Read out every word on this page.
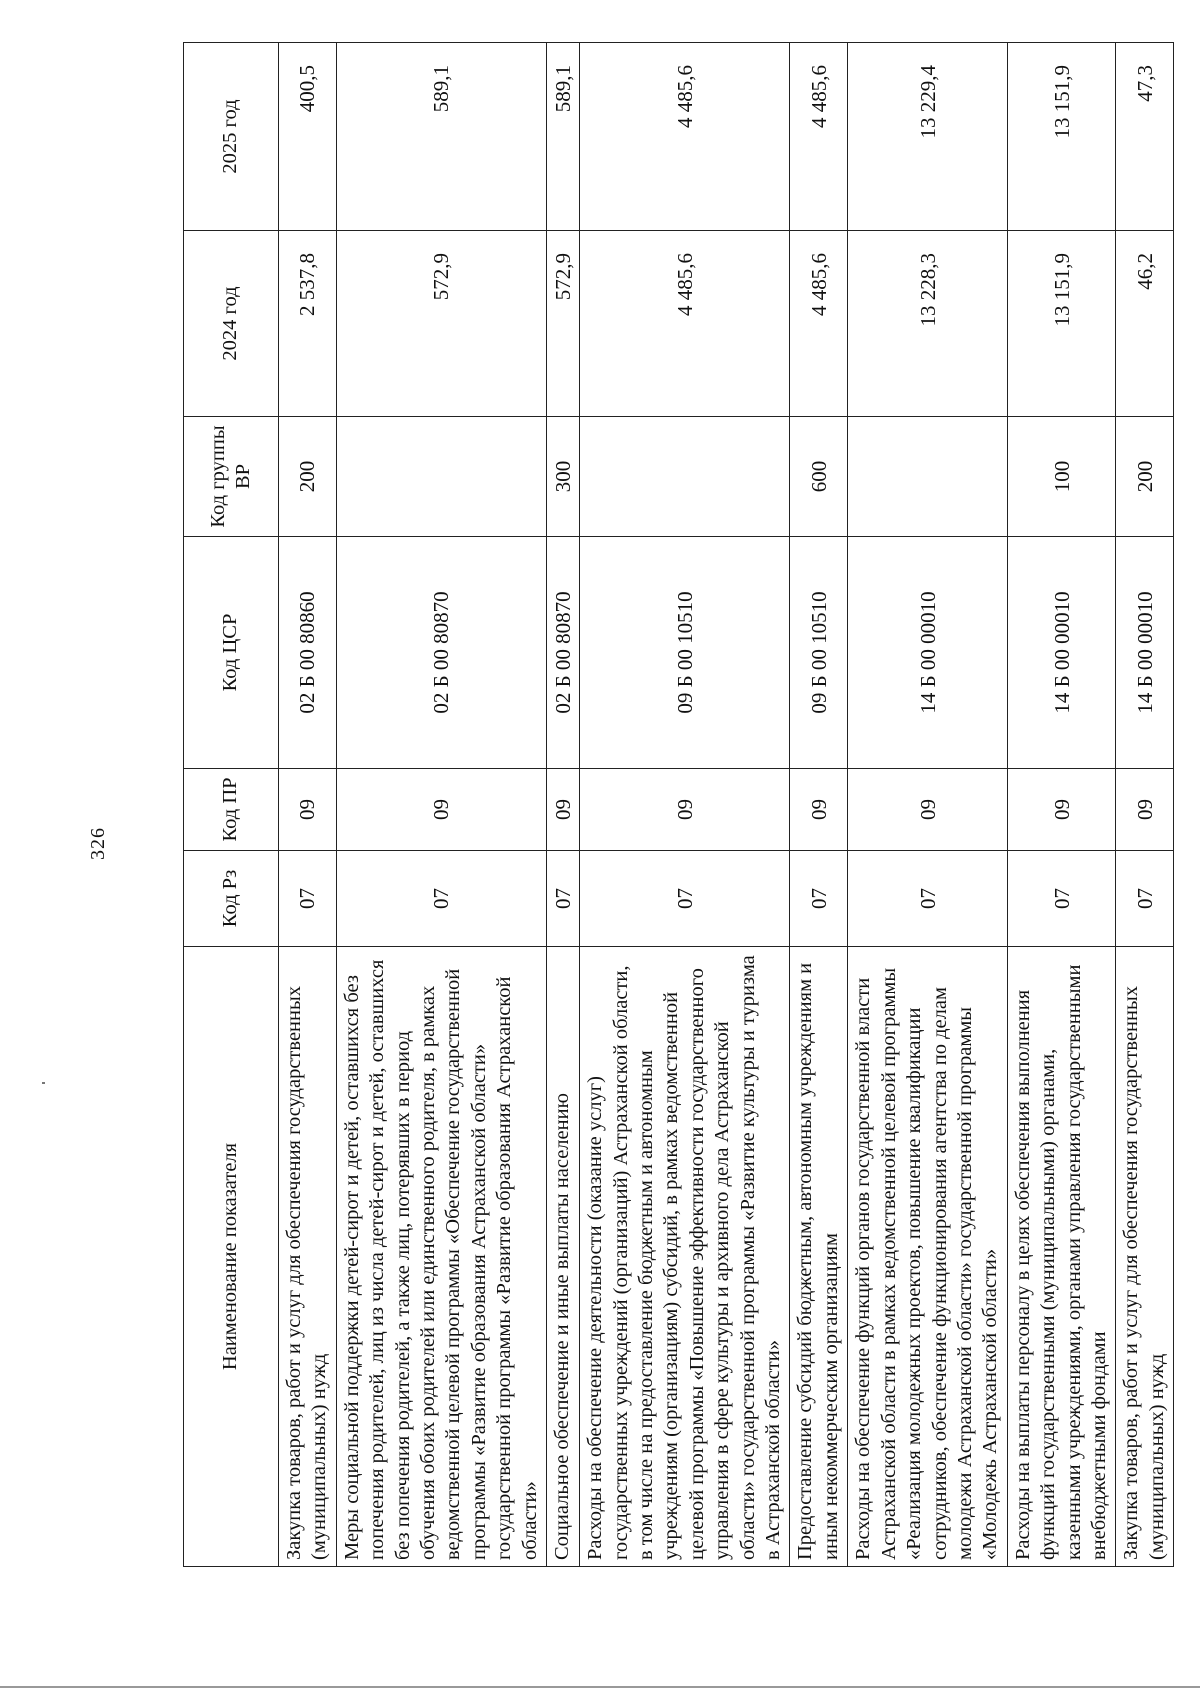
326
Наименование показателя	Код Рз	Код ПР	Код ЦСР	Код группы ВР	2024 год	2025 год
Закупка товаров, работ и услуг для обеспечения государственных (муниципальных) нужд	07	09	02 Б 00 80860	200	2 537,8	400,5
Меры социальной поддержки детей-сирот и детей, оставшихся без попечения родителей, лиц из числа детей-сирот и детей, оставшихся без попечения родителей, а также лиц, потерявших в период обучения обоих родителей или единственного родителя, в рамках ведомственной целевой программы «Обеспечение государственной программы «Развитие образования Астраханской области» государственной программы «Развитие образования Астраханской области»	07	09	02 Б 00 80870		572,9	589,1
Социальное обеспечение и иные выплаты населению	07	09	02 Б 00 80870	300	572,9	589,1
Расходы на обеспечение деятельности (оказание услуг) государственных учреждений (организаций) Астраханской области, в том числе на предоставление бюджетным и автономным учреждениям (организациям) субсидий, в рамках ведомственной целевой программы «Повышение эффективности государственного управления в сфере культуры и архивного дела Астраханской области» государственной программы «Развитие культуры и туризма в Астраханской области»	07	09	09 Б 00 10510		4 485,6	4 485,6
Предоставление субсидий бюджетным, автономным учреждениям и иным некоммерческим организациям	07	09	09 Б 00 10510	600	4 485,6	4 485,6
Расходы на обеспечение функций органов государственной власти Астраханской области в рамках ведомственной целевой программы «Реализация молодежных проектов, повышение квалификации сотрудников, обеспечение функционирования агентства по делам молодежи Астраханской области» государственной программы «Молодежь Астраханской области»	07	09	14 Б 00 00010		13 228,3	13 229,4
Расходы на выплаты персоналу в целях обеспечения выполнения функций государственными (муниципальными) органами, казенными учреждениями, органами управления государственными внебюджетными фондами	07	09	14 Б 00 00010	100	13 151,9	13 151,9
Закупка товаров, работ и услуг для обеспечения государственных (муниципальных) нужд	07	09	14 Б 00 00010	200	46,2	47,3
